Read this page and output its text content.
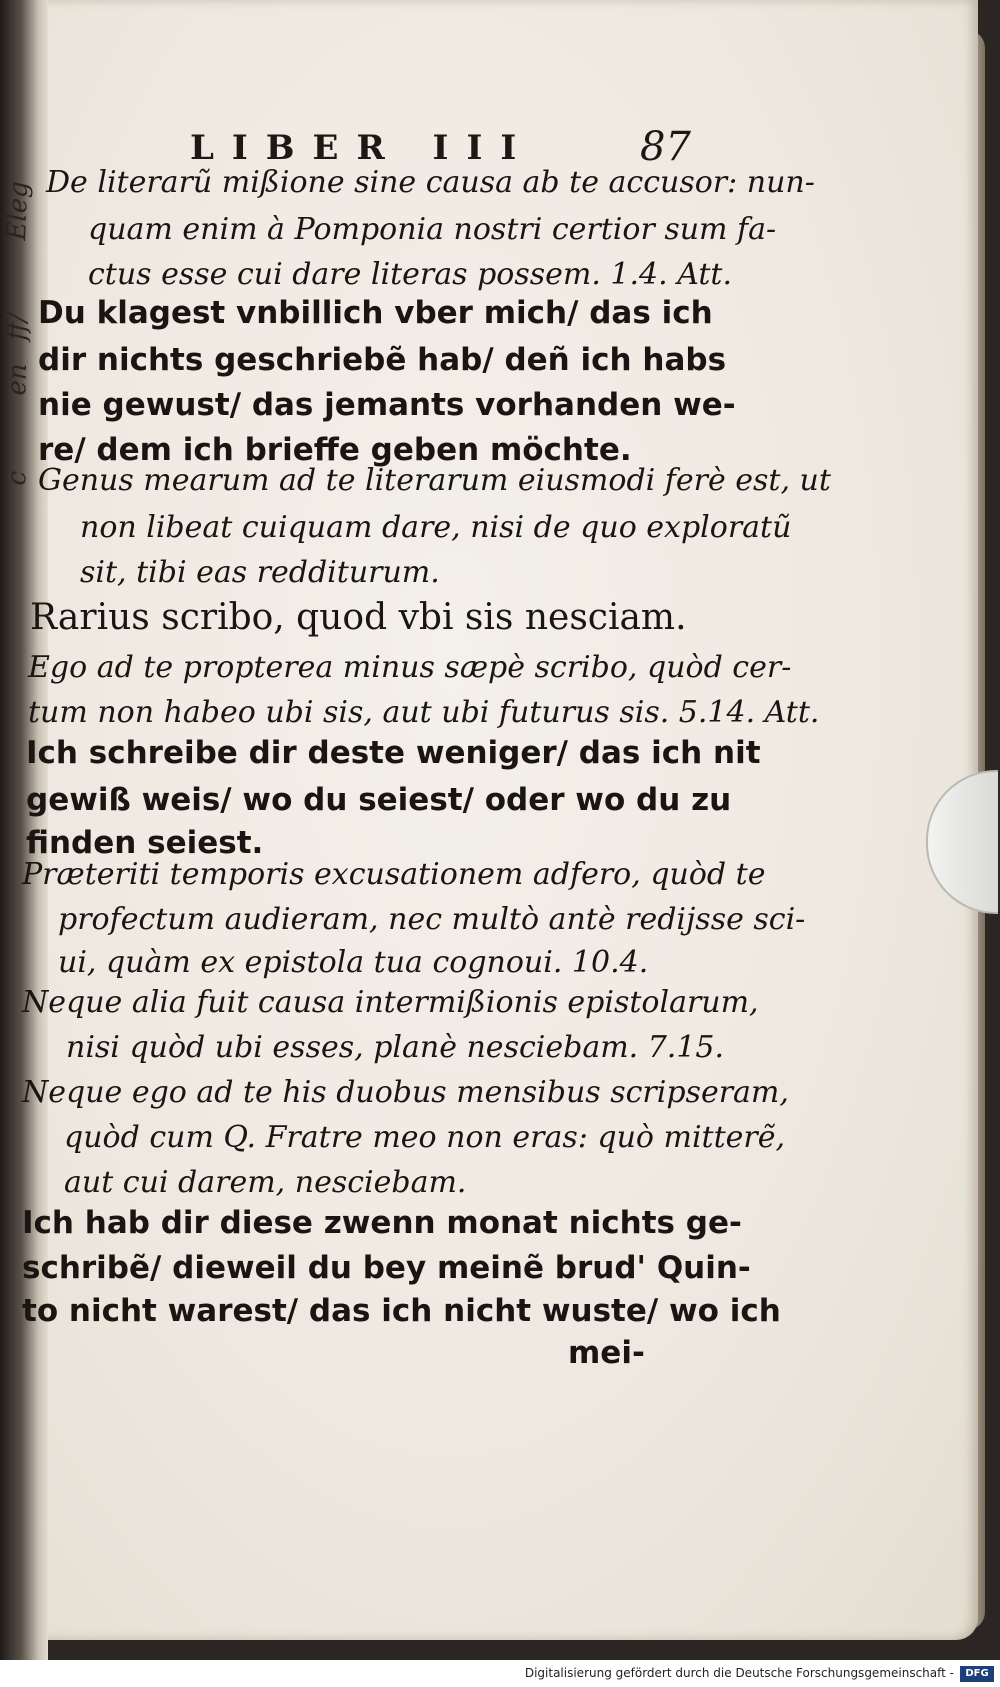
Eleg
ff/
en
c
LIBER III	87
De literarũ mißione sine causa ab te accusor: nun-
quam enim à Pomponia nostri certior sum fa-
ctus esse cui dare literas possem. 1.4. Att.
Du klagest vnbillich vber mich/ das ich
dir nichts geschriebẽ hab/ deñ ich habs
nie gewust/ das jemants vorhanden we-
re/ dem ich brieffe geben möchte.
Genus mearum ad te literarum eiusmodi ferè est, ut
non libeat cuiquam dare, nisi de quo exploratũ
sit, tibi eas redditurum.
Rarius scribo, quod vbi sis nesciam.
Ego ad te propterea minus sæpè scribo, quòd cer-
tum non habeo ubi sis, aut ubi futurus sis. 5.14. Att.
Ich schreibe dir deste weniger/ das ich nit
gewiß weis/ wo du seiest/ oder wo du zu
finden seiest.
Præteriti temporis excusationem adfero, quòd te
profectum audieram, nec multò antè redijsse sci-
ui, quàm ex epistola tua cognoui. 10.4.
Neque alia fuit causa intermißionis epistolarum,
nisi quòd ubi esses, planè nesciebam. 7.15.
Neque ego ad te his duobus mensibus scripseram,
quòd cum Q. Fratre meo non eras: quò mitterẽ,
aut cui darem, nesciebam.
Ich hab dir diese zwenn monat nichts ge-
schribẽ/ dieweil du bey meinẽ brud' Quin-
to nicht warest/ das ich nicht wuste/ wo ich
mei-
Digitalisierung gefördert durch die Deutsche Forschungsgemeinschaft -	DFG
